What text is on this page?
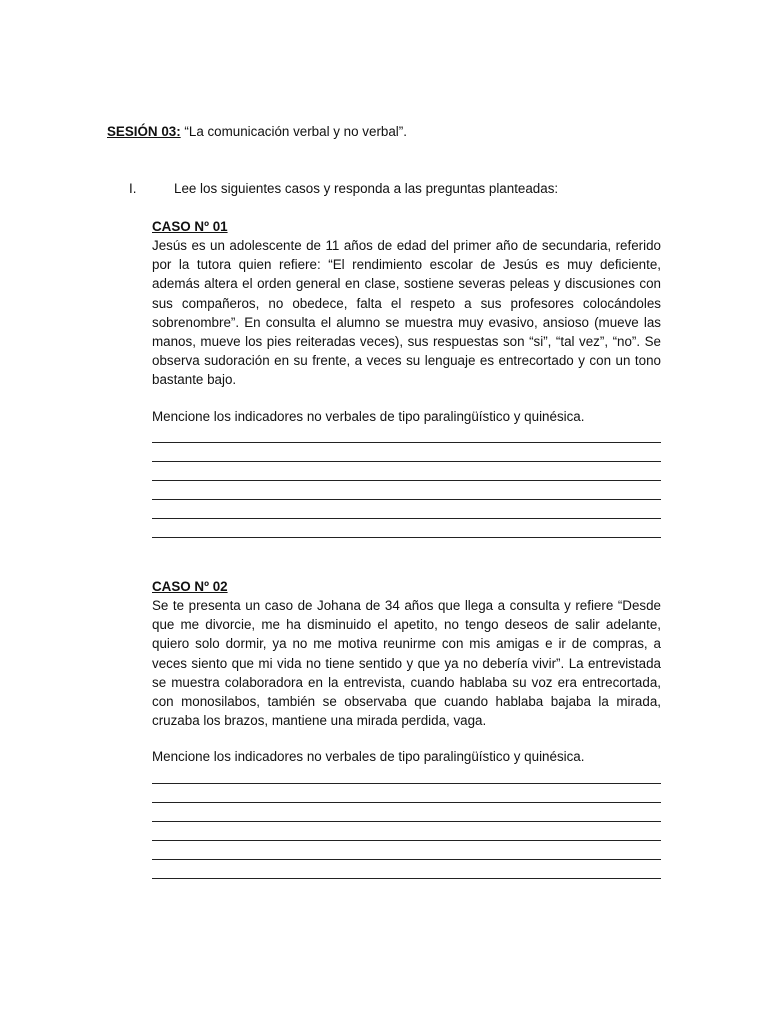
SESIÓN 03: “La comunicación verbal y no verbal”.
I.	Lee los siguientes casos y responda a las preguntas planteadas:

CASO Nº 01

Jesús es un adolescente de 11 años de edad del primer año de secundaria, referido por la tutora quien refiere: “El rendimiento escolar de Jesús es muy deficiente, además altera el orden general en clase, sostiene severas peleas y discusiones con sus compañeros, no obedece, falta el respeto a sus profesores colocándoles sobrenombre”. En consulta el alumno se muestra muy evasivo, ansioso (mueve las manos, mueve los pies reiteradas veces), sus respuestas son “si”, “tal vez”, “no”. Se observa sudoración en su frente, a veces su lenguaje es entrecortado y con un tono bastante bajo.

Mencione los indicadores no verbales de tipo paralingüístico y quinésica.

CASO Nº 02

Se te presenta un caso de Johana de 34 años que llega a consulta y refiere “Desde que me divorcie, me ha disminuido el apetito, no tengo deseos de salir adelante, quiero solo dormir, ya no me motiva reunirme con mis amigas e ir de compras, a veces siento que mi vida no tiene sentido y que ya no debería vivir”. La entrevistada se muestra colaboradora en la entrevista, cuando hablaba su voz era entrecortada, con monosilabos, también se observaba que cuando hablaba bajaba la mirada, cruzaba los brazos, mantiene una mirada perdida, vaga.

Mencione los indicadores no verbales de tipo paralingüístico y quinésica.
